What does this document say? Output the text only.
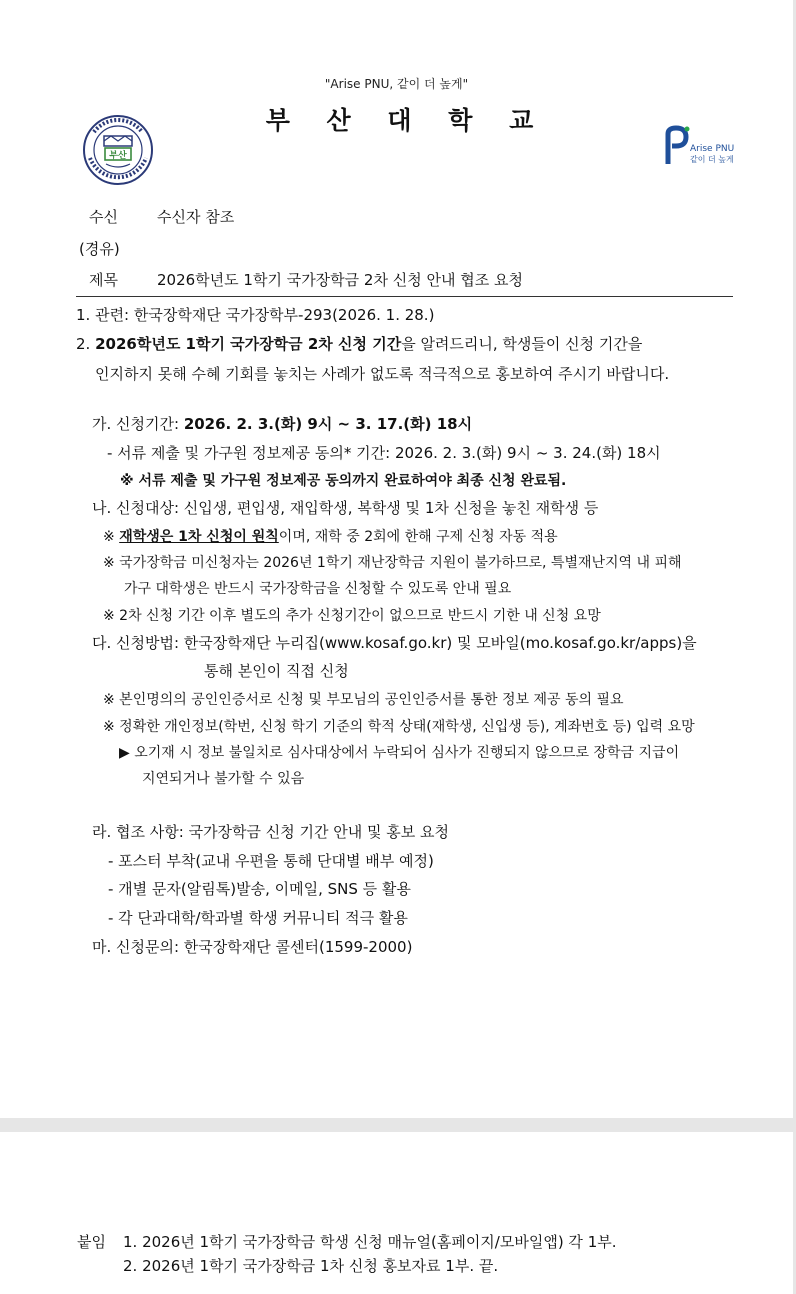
"Arise PNU, 같이 더 높게"
부 산 대 학 교
부산
Arise PNU
같이 더 높게
수신	수신자 참조
(경유)
제목	2026학년도 1학기 국가장학금 2차 신청 안내 협조 요청
1. 관련: 한국장학재단 국가장학부-293(2026. 1. 28.)
2. 2026학년도 1학기 국가장학금 2차 신청 기간을 알려드리니, 학생들이 신청 기간을
인지하지 못해 수혜 기회를 놓치는 사례가 없도록 적극적으로 홍보하여 주시기 바랍니다.
가. 신청기간: 2026. 2. 3.(화) 9시 ~ 3. 17.(화) 18시
- 서류 제출 및 가구원 정보제공 동의* 기간: 2026. 2. 3.(화) 9시 ~ 3. 24.(화) 18시
※ 서류 제출 및 가구원 정보제공 동의까지 완료하여야 최종 신청 완료됨.
나. 신청대상: 신입생, 편입생, 재입학생, 복학생 및 1차 신청을 놓친 재학생 등
※ 재학생은 1차 신청이 원칙이며, 재학 중 2회에 한해 구제 신청 자동 적용
※ 국가장학금 미신청자는 2026년 1학기 재난장학금 지원이 불가하므로, 특별재난지역 내 피해
가구 대학생은 반드시 국가장학금을 신청할 수 있도록 안내 필요
※ 2차 신청 기간 이후 별도의 추가 신청기간이 없으므로 반드시 기한 내 신청 요망
다. 신청방법: 한국장학재단 누리집(www.kosaf.go.kr) 및 모바일(mo.kosaf.go.kr/apps)을
통해 본인이 직접 신청
※ 본인명의의 공인인증서로 신청 및 부모님의 공인인증서를 통한 정보 제공 동의 필요
※ 정확한 개인정보(학번, 신청 학기 기준의 학적 상태(재학생, 신입생 등), 계좌번호 등) 입력 요망
▶ 오기재 시 정보 불일치로 심사대상에서 누락되어 심사가 진행되지 않으므로 장학금 지급이
지연되거나 불가할 수 있음
라. 협조 사항: 국가장학금 신청 기간 안내 및 홍보 요청
- 포스터 부착(교내 우편을 통해 단대별 배부 예정)
- 개별 문자(알림톡)발송, 이메일, SNS 등 활용
- 각 단과대학/학과별 학생 커뮤니티 적극 활용
마. 신청문의: 한국장학재단 콜센터(1599-2000)
붙임 1. 2026년 1학기 국가장학금 학생 신청 매뉴얼(홈페이지/모바일앱) 각 1부.
2. 2026년 1학기 국가장학금 1차 신청 홍보자료 1부. 끝.
